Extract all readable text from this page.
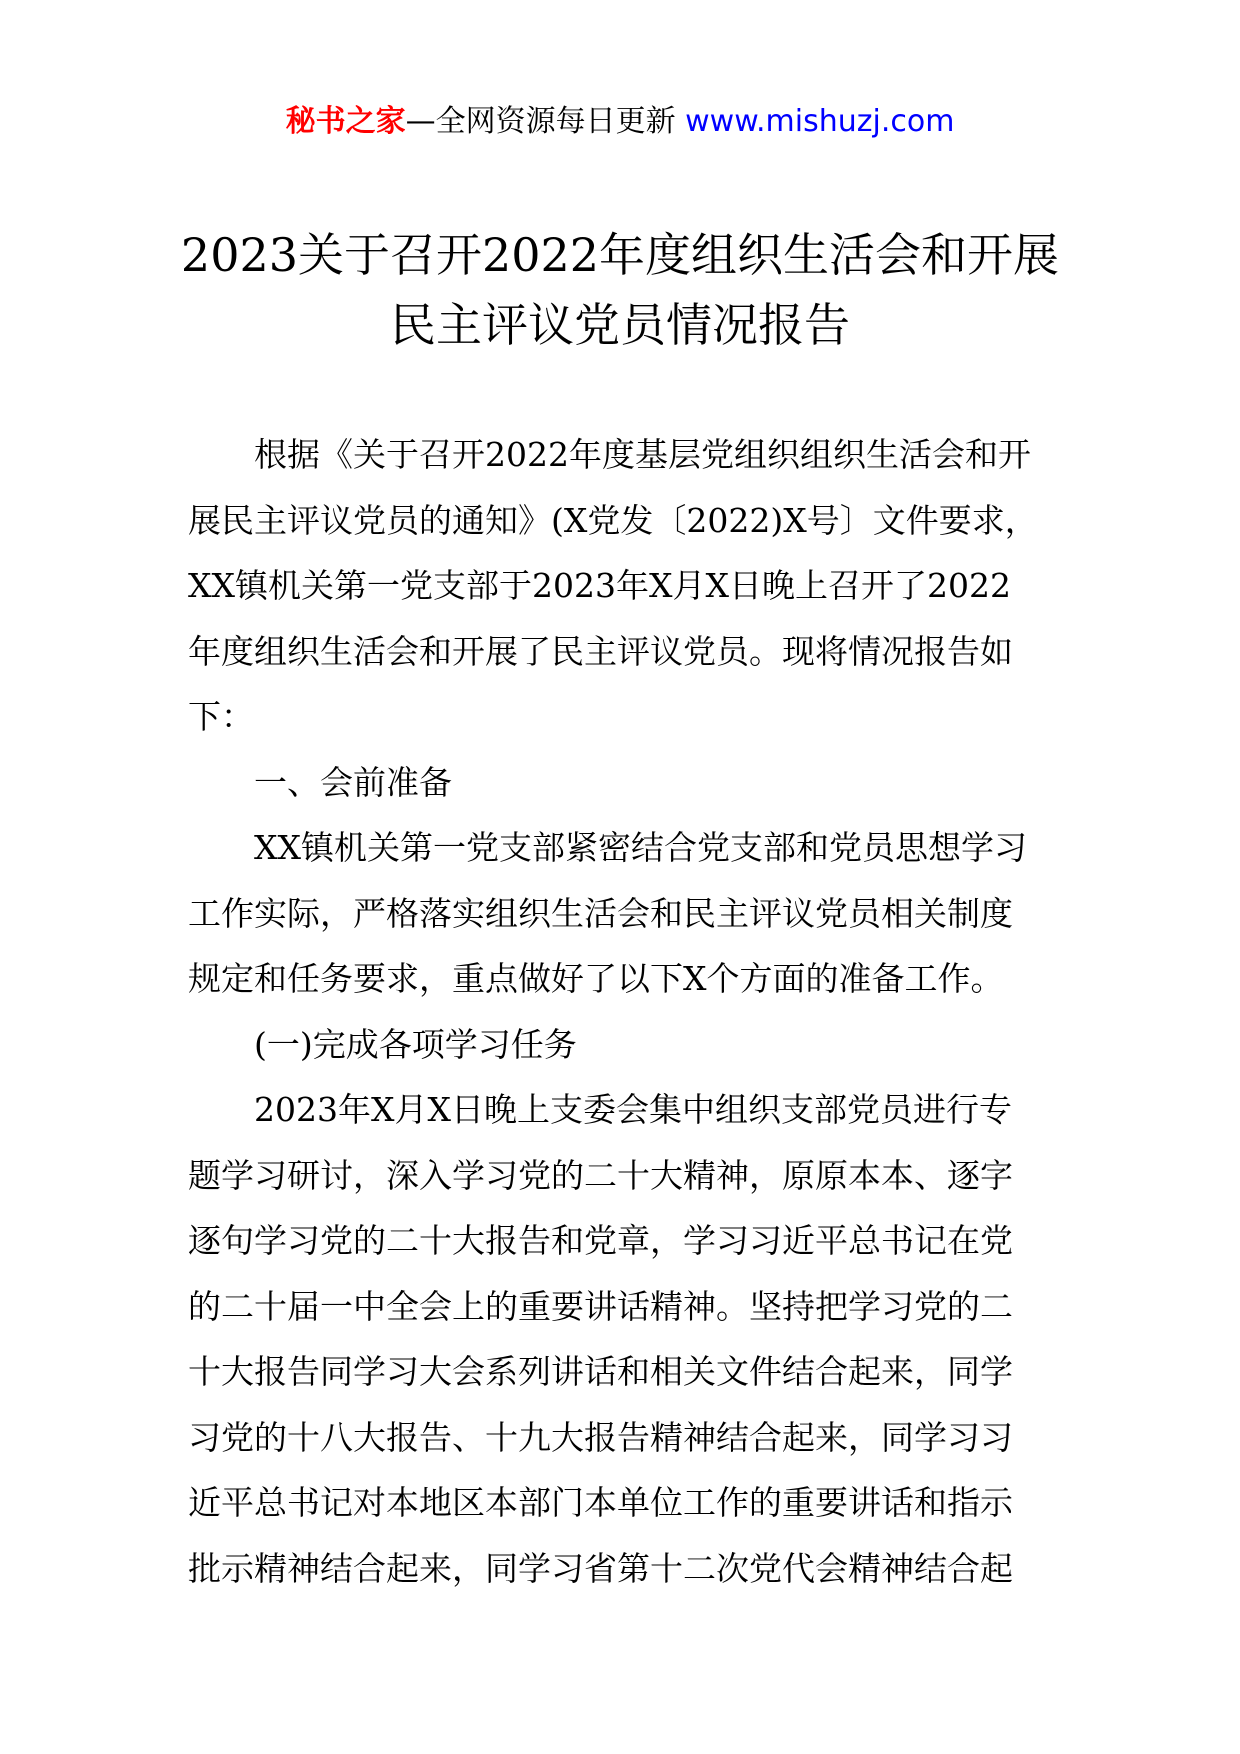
秘书之家—全网资源每日更新 www.mishuzj.com
2023关于召开2022年度组织生活会和开展
民主评议党员情况报告
根据《关于召开2022年度基层党组织组织生活会和开
展民主评议党员的通知》(X党发〔2022)X号〕文件要求，
XX镇机关第一党支部于2023年X月X日晚上召开了2022
年度组织生活会和开展了民主评议党员。现将情况报告如
下：
一、会前准备
XX镇机关第一党支部紧密结合党支部和党员思想学习
工作实际，严格落实组织生活会和民主评议党员相关制度
规定和任务要求，重点做好了以下X个方面的准备工作。
(一)完成各项学习任务
2023年X月X日晚上支委会集中组织支部党员进行专
题学习研讨，深入学习党的二十大精神，原原本本、逐字
逐句学习党的二十大报告和党章，学习习近平总书记在党
的二十届一中全会上的重要讲话精神。坚持把学习党的二
十大报告同学习大会系列讲话和相关文件结合起来，同学
习党的十八大报告、十九大报告精神结合起来，同学习习
近平总书记对本地区本部门本单位工作的重要讲话和指示
批示精神结合起来，同学习省第十二次党代会精神结合起
